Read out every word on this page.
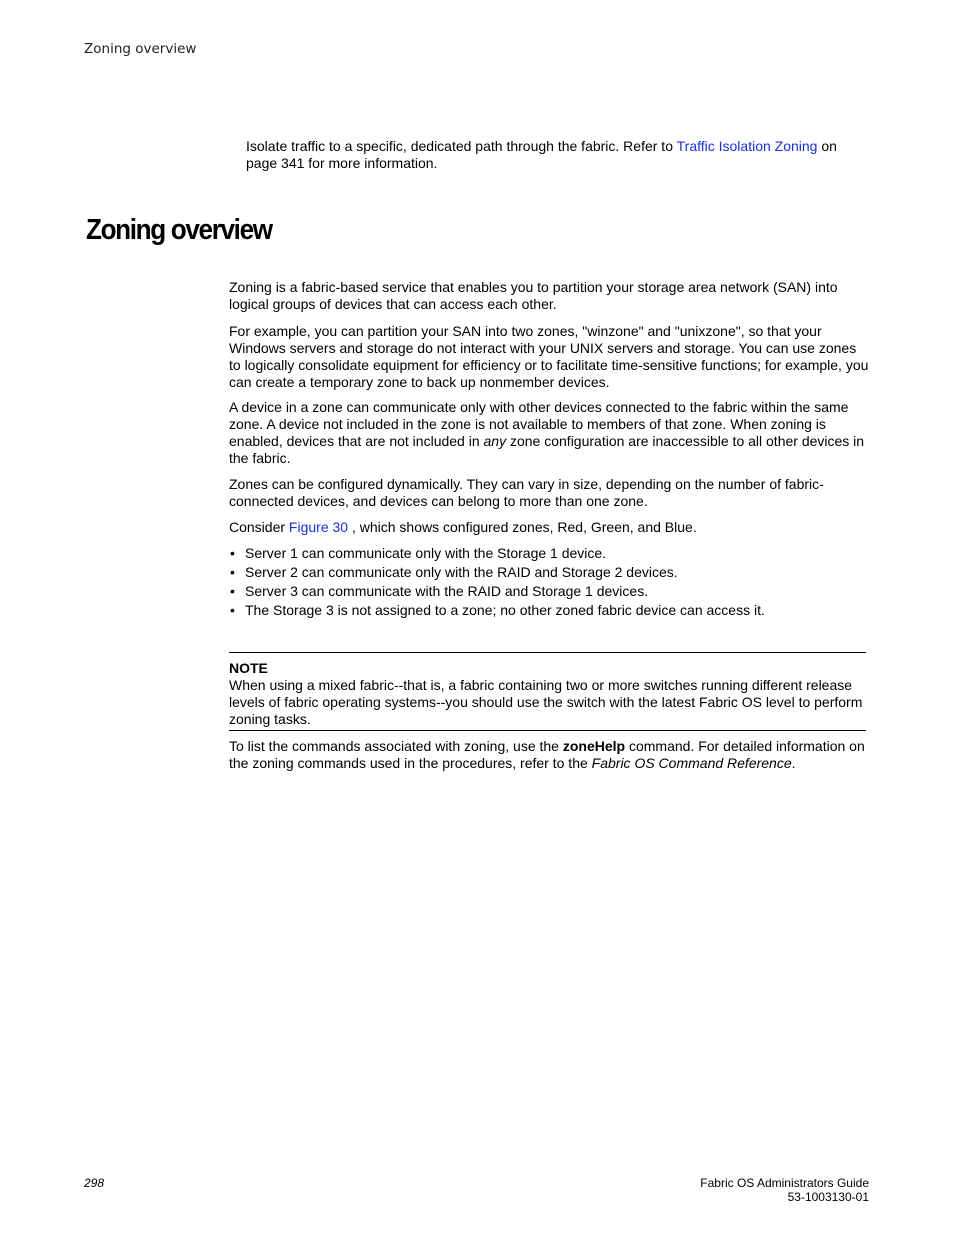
Zoning overview
Isolate traffic to a specific, dedicated path through the fabric. Refer to Traffic Isolation Zoning on page 341 for more information.
Zoning overview

Zoning is a fabric-based service that enables you to partition your storage area network (SAN) into logical groups of devices that can access each other.

For example, you can partition your SAN into two zones, "winzone" and "unixzone", so that your Windows servers and storage do not interact with your UNIX servers and storage. You can use zones to logically consolidate equipment for efficiency or to facilitate time-sensitive functions; for example, you can create a temporary zone to back up nonmember devices.

A device in a zone can communicate only with other devices connected to the fabric within the same zone. A device not included in the zone is not available to members of that zone. When zoning is enabled, devices that are not included in any zone configuration are inaccessible to all other devices in the fabric.

Zones can be configured dynamically. They can vary in size, depending on the number of fabric-connected devices, and devices can belong to more than one zone.

Consider Figure 30 , which shows configured zones, Red, Green, and Blue.

• Server 1 can communicate only with the Storage 1 device.
• Server 2 can communicate only with the RAID and Storage 2 devices.
• Server 3 can communicate with the RAID and Storage 1 devices.
• The Storage 3 is not assigned to a zone; no other zoned fabric device can access it.
NOTE

When using a mixed fabric--that is, a fabric containing two or more switches running different release levels of fabric operating systems--you should use the switch with the latest Fabric OS level to perform zoning tasks.

To list the commands associated with zoning, use the zoneHelp command. For detailed information on the zoning commands used in the procedures, refer to the Fabric OS Command Reference.

298	Fabric OS Administrators Guide
53-1003130-01
